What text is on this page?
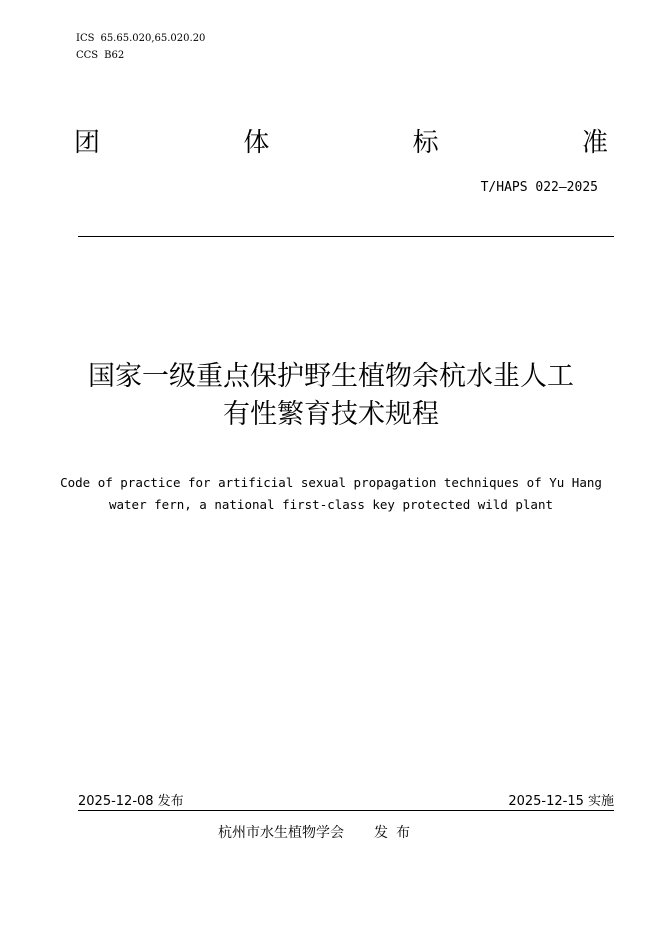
ICS 65.65.020,65.020.20
CCS B62
团	体	标	准
T/HAPS 022—2025
国家一级重点保护野生植物余杭水韭人工
有性繁育技术规程
Code of practice for artificial sexual propagation techniques of Yu Hang
water fern, a national first-class key protected wild plant
2025-12-08 发布	2025-12-15 实施
杭州市水生植物学会 发布
